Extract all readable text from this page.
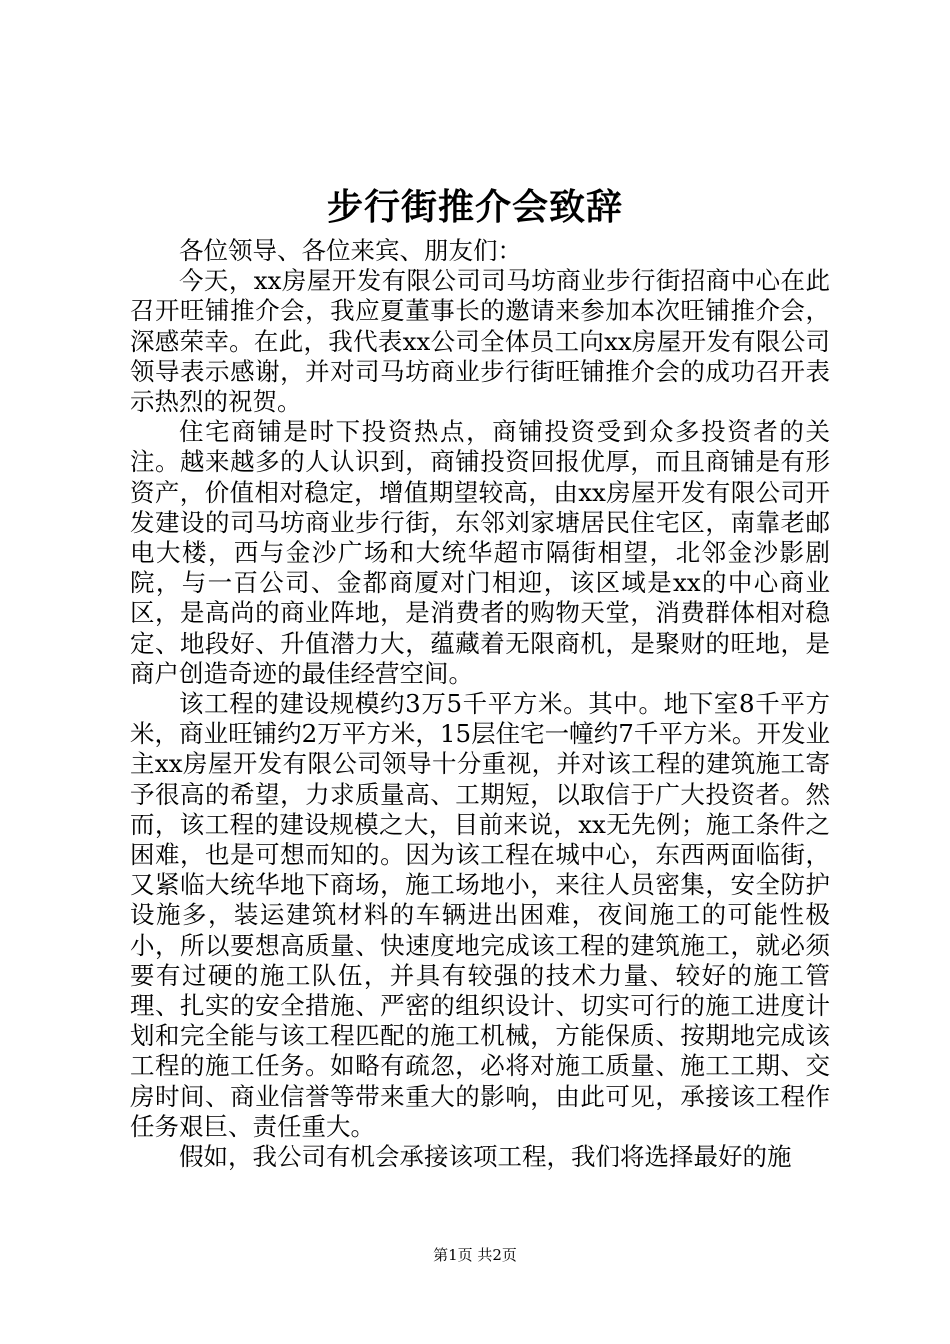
步行街推介会致辞

各位领导、各位来宾、朋友们：

今天，xx房屋开发有限公司司马坊商业步行街招商中心在此召开旺铺推介会，我应夏董事长的邀请来参加本次旺铺推介会，深感荣幸。在此，我代表xx公司全体员工向xx房屋开发有限公司领导表示感谢，并对司马坊商业步行街旺铺推介会的成功召开表示热烈的祝贺。

住宅商铺是时下投资热点，商铺投资受到众多投资者的关注。越来越多的人认识到，商铺投资回报优厚，而且商铺是有形资产，价值相对稳定，增值期望较高，由xx房屋开发有限公司开发建设的司马坊商业步行街，东邻刘家塘居民住宅区，南靠老邮电大楼，西与金沙广场和大统华超市隔街相望，北邻金沙影剧院，与一百公司、金都商厦对门相迎，该区域是xx的中心商业区，是高尚的商业阵地，是消费者的购物天堂，消费群体相对稳定、地段好、升值潜力大，蕴藏着无限商机，是聚财的旺地，是商户创造奇迹的最佳经营空间。

该工程的建设规模约3万5千平方米。其中。地下室8千平方米，商业旺铺约2万平方米，15层住宅一幢约7千平方米。开发业主xx房屋开发有限公司领导十分重视，并对该工程的建筑施工寄予很高的希望，力求质量高、工期短，以取信于广大投资者。然而，该工程的建设规模之大，目前来说，xx无先例；施工条件之困难，也是可想而知的。因为该工程在城中心，东西两面临街，又紧临大统华地下商场，施工场地小，来往人员密集，安全防护设施多，装运建筑材料的车辆进出困难，夜间施工的可能性极小，所以要想高质量、快速度地完成该工程的建筑施工，就必须要有过硬的施工队伍，并具有较强的技术力量、较好的施工管理、扎实的安全措施、严密的组织设计、切实可行的施工进度计划和完全能与该工程匹配的施工机械，方能保质、按期地完成该工程的施工任务。如略有疏忽，必将对施工质量、施工工期、交房时间、商业信誉等带来重大的影响，由此可见，承接该工程作任务艰巨、责任重大。

假如，我公司有机会承接该项工程，我们将选择最好的施

第1页 共2页
